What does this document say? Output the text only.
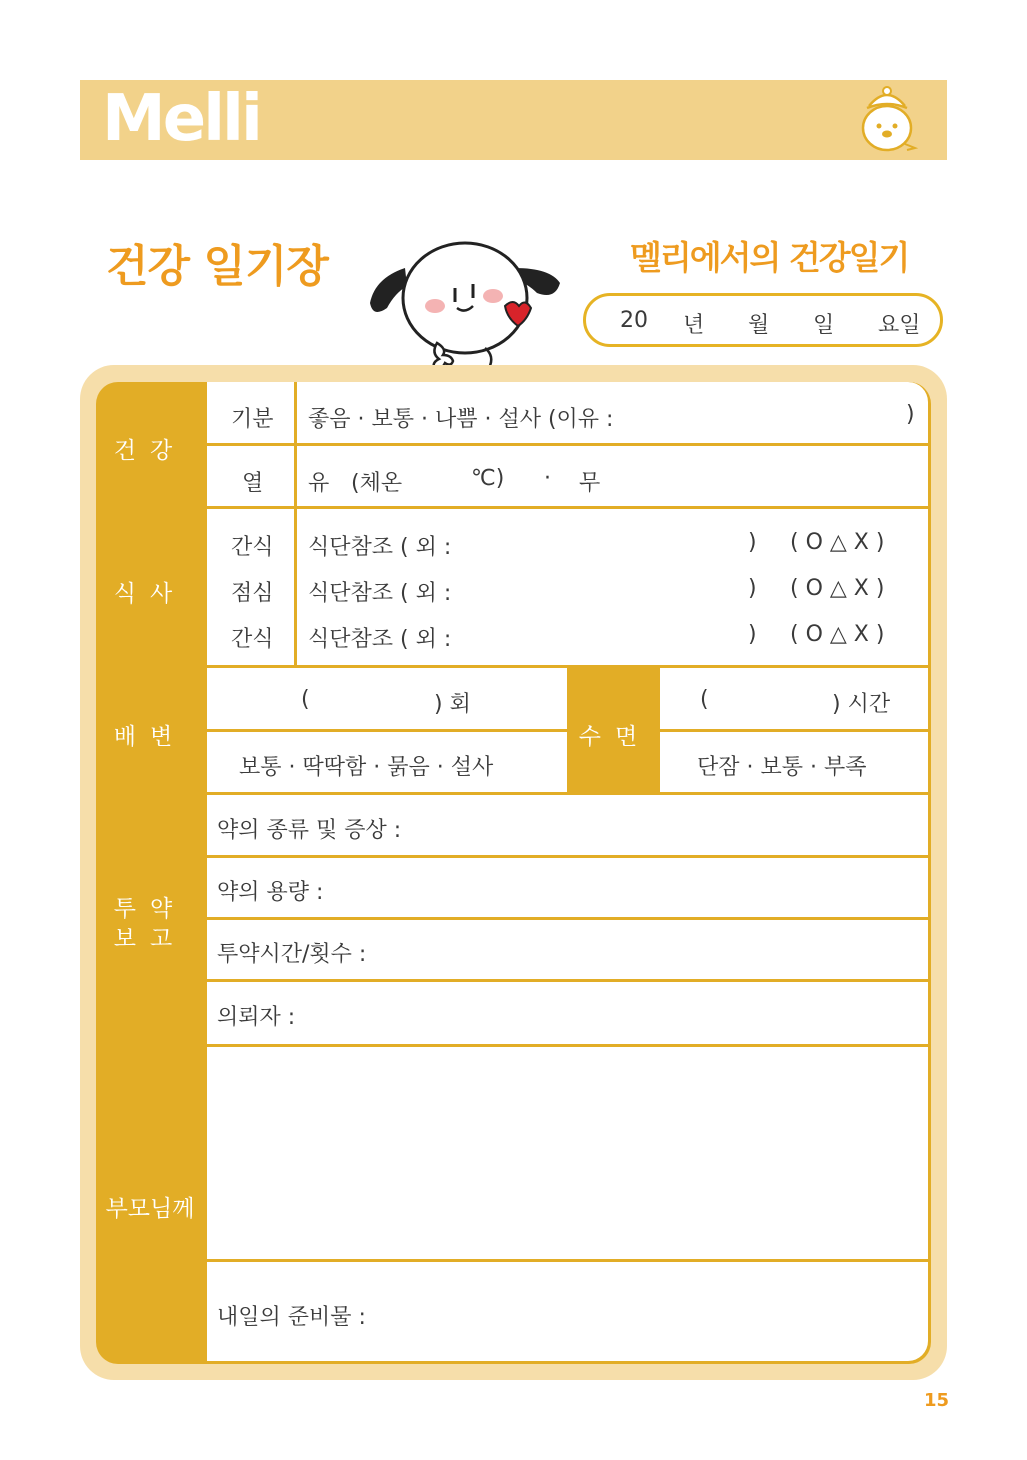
Melli
건강 일기장	멜리에서의 건강일기
20 년 월 일 요일
건강
기분 좋음 · 보통 · 나쁨 · 설사 (이유 :	)
열 유 (체온	℃) · 무
식사
간식 식단참조 ( 외 :	) ( O △ X )
점심 식단참조 ( 외 :	) ( O △ X )
간식 식단참조 ( 외 :	) ( O △ X )
배변	수면
(	) 회
보통 · 딱딱함 · 묽음 · 설사
(	) 시간
단잠 · 보통 · 부족
투약
보고
약의 종류 및 증상 :
약의 용량 :
투약시간/횟수 :
의뢰자 :
부모님께
내일의 준비물 :
15
